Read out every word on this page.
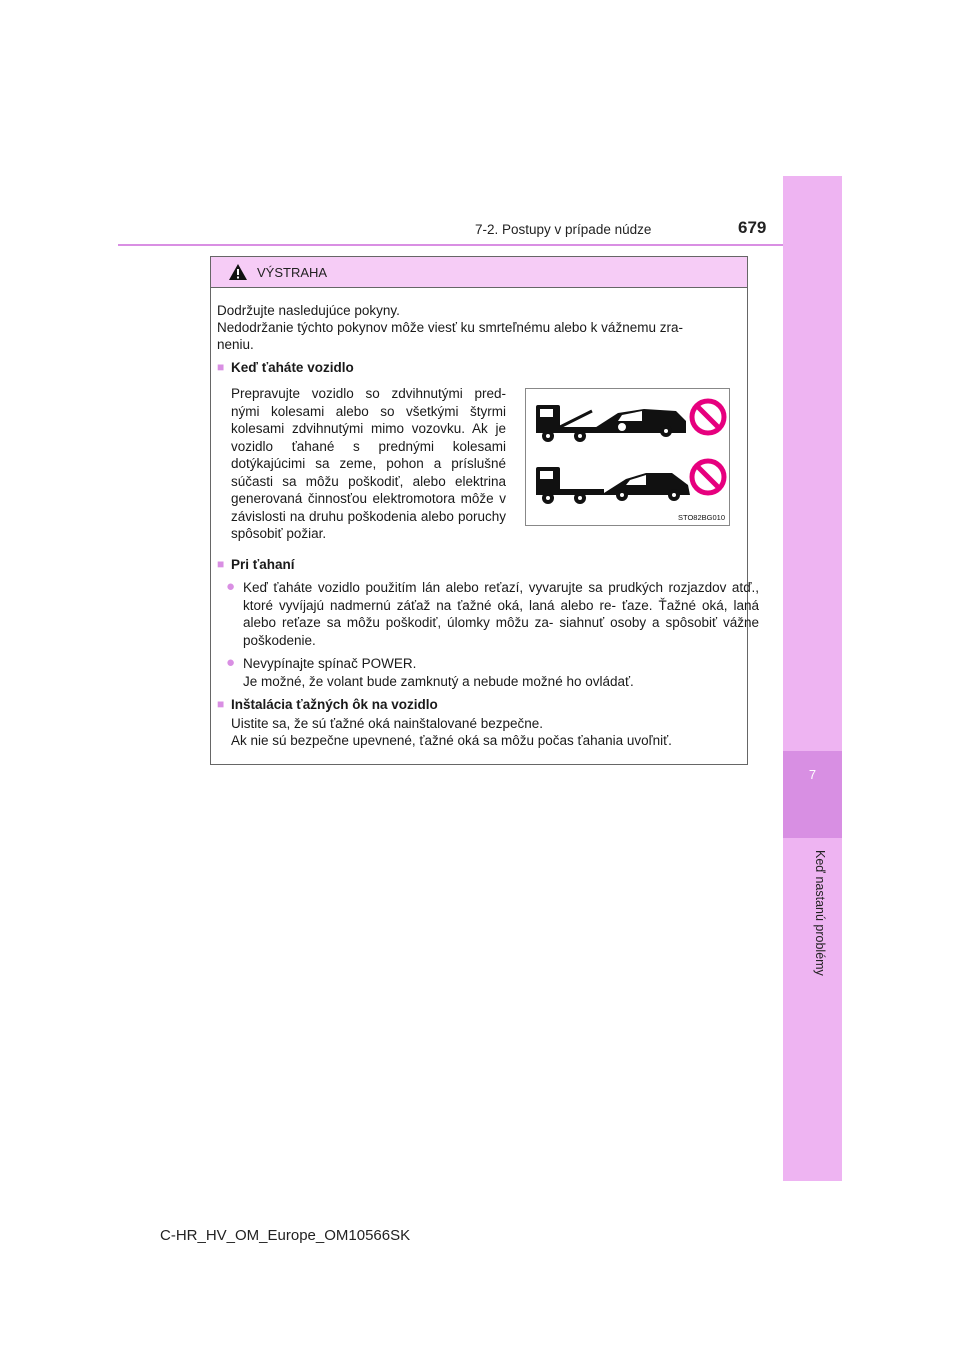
7
Keď nastanú problémy
7-2. Postupy v prípade núdze	679
VÝSTRAHA
Dodržujte nasledujúce pokyny.
Nedodržanie týchto pokynov môže viesť ku smrteľnému alebo k vážnemu zra-
neniu.
■ Keď ťaháte vozidlo
Prepravujte vozidlo so zdvihnutými pred- nými kolesami alebo so všetkými štyrmi kolesami zdvihnutými mimo vozovku. Ak je vozidlo ťahané s prednými kolesami dotýkajúcimi sa zeme, pohon a príslušné súčasti sa môžu poškodiť, alebo elektrina generovaná činnosťou elektromotora môže v závislosti na druhu poškodenia alebo poruchy spôsobiť požiar.
STO82BG010
■ Pri ťahaní
● Keď ťaháte vozidlo použitím lán alebo reťazí, vyvarujte sa prudkých rozjazdov atď., ktoré vyvíjajú nadmernú záťaž na ťažné oká, laná alebo re- ťaze. Ťažné oká, laná alebo reťaze sa môžu poškodiť, úlomky môžu za- siahnuť osoby a spôsobiť vážne poškodenie.
● Nevypínajte spínač POWER.
Je možné, že volant bude zamknutý a nebude možné ho ovládať.
■ Inštalácia ťažných ôk na vozidlo
Uistite sa, že sú ťažné oká nainštalované bezpečne.
Ak nie sú bezpečne upevnené, ťažné oká sa môžu počas ťahania uvoľniť.
C-HR_HV_OM_Europe_OM10566SK
